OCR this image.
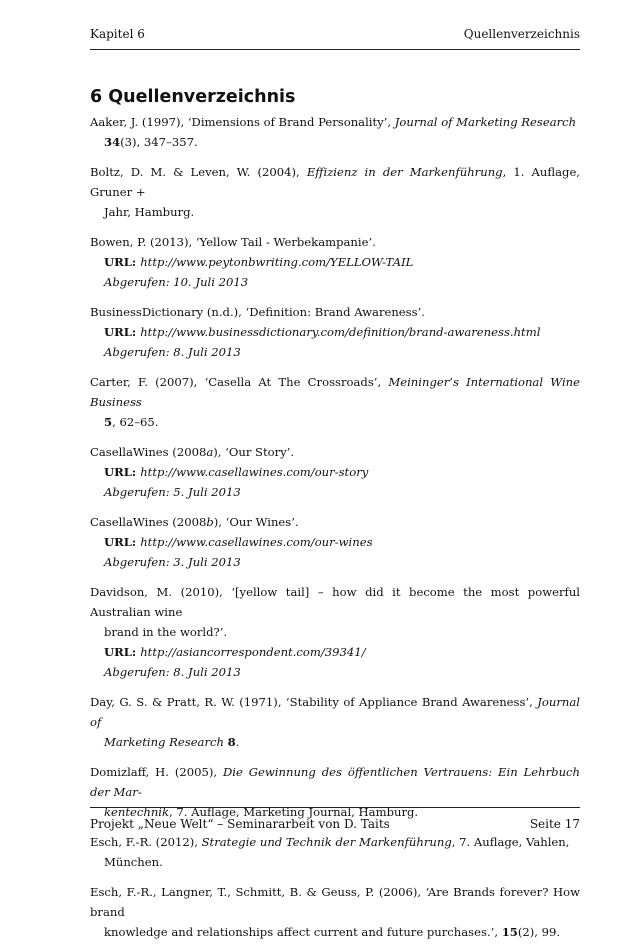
Kapitel 6	Quellenverzeichnis
6 Quellenverzeichnis
Aaker, J. (1997), ‘Dimensions of Brand Personality’, Journal of Marketing Research
34(3), 347–357.
Boltz, D. M. & Leven, W. (2004), Effizienz in der Markenführung, 1. Auflage, Gruner +
Jahr, Hamburg.
Bowen, P. (2013), ‘Yellow Tail - Werbekampanie’.
URL: http://www.peytonbwriting.com/YELLOW-TAIL
Abgerufen: 10. Juli 2013
BusinessDictionary (n.d.), ‘Definition: Brand Awareness’.
URL: http://www.businessdictionary.com/definition/brand-awareness.html
Abgerufen: 8. Juli 2013
Carter, F. (2007), ‘Casella At The Crossroads’, Meininger’s International Wine Business
5, 62–65.
CasellaWines (2008a), ‘Our Story’.
URL: http://www.casellawines.com/our-story
Abgerufen: 5. Juli 2013
CasellaWines (2008b), ‘Our Wines’.
URL: http://www.casellawines.com/our-wines
Abgerufen: 3. Juli 2013
Davidson, M. (2010), ‘[yellow tail] – how did it become the most powerful Australian wine
brand in the world?’.
URL: http://asiancorrespondent.com/39341/
Abgerufen: 8. Juli 2013
Day, G. S. & Pratt, R. W. (1971), ‘Stability of Appliance Brand Awareness’, Journal of
Marketing Research 8.
Domizlaff, H. (2005), Die Gewinnung des öffentlichen Vertrauens: Ein Lehrbuch der Mar-
kentechnik, 7. Auflage, Marketing Journal, Hamburg.
Esch, F.-R. (2012), Strategie und Technik der Markenführung, 7. Auflage, Vahlen,
München.
Esch, F.-R., Langner, T., Schmitt, B. & Geuss, P. (2006), ‘Are Brands forever? How brand
knowledge and relationships affect current and future purchases.’, 15(2), 99.
Projekt „Neue Welt“ – Seminararbeit von D. Taits	Seite 17
